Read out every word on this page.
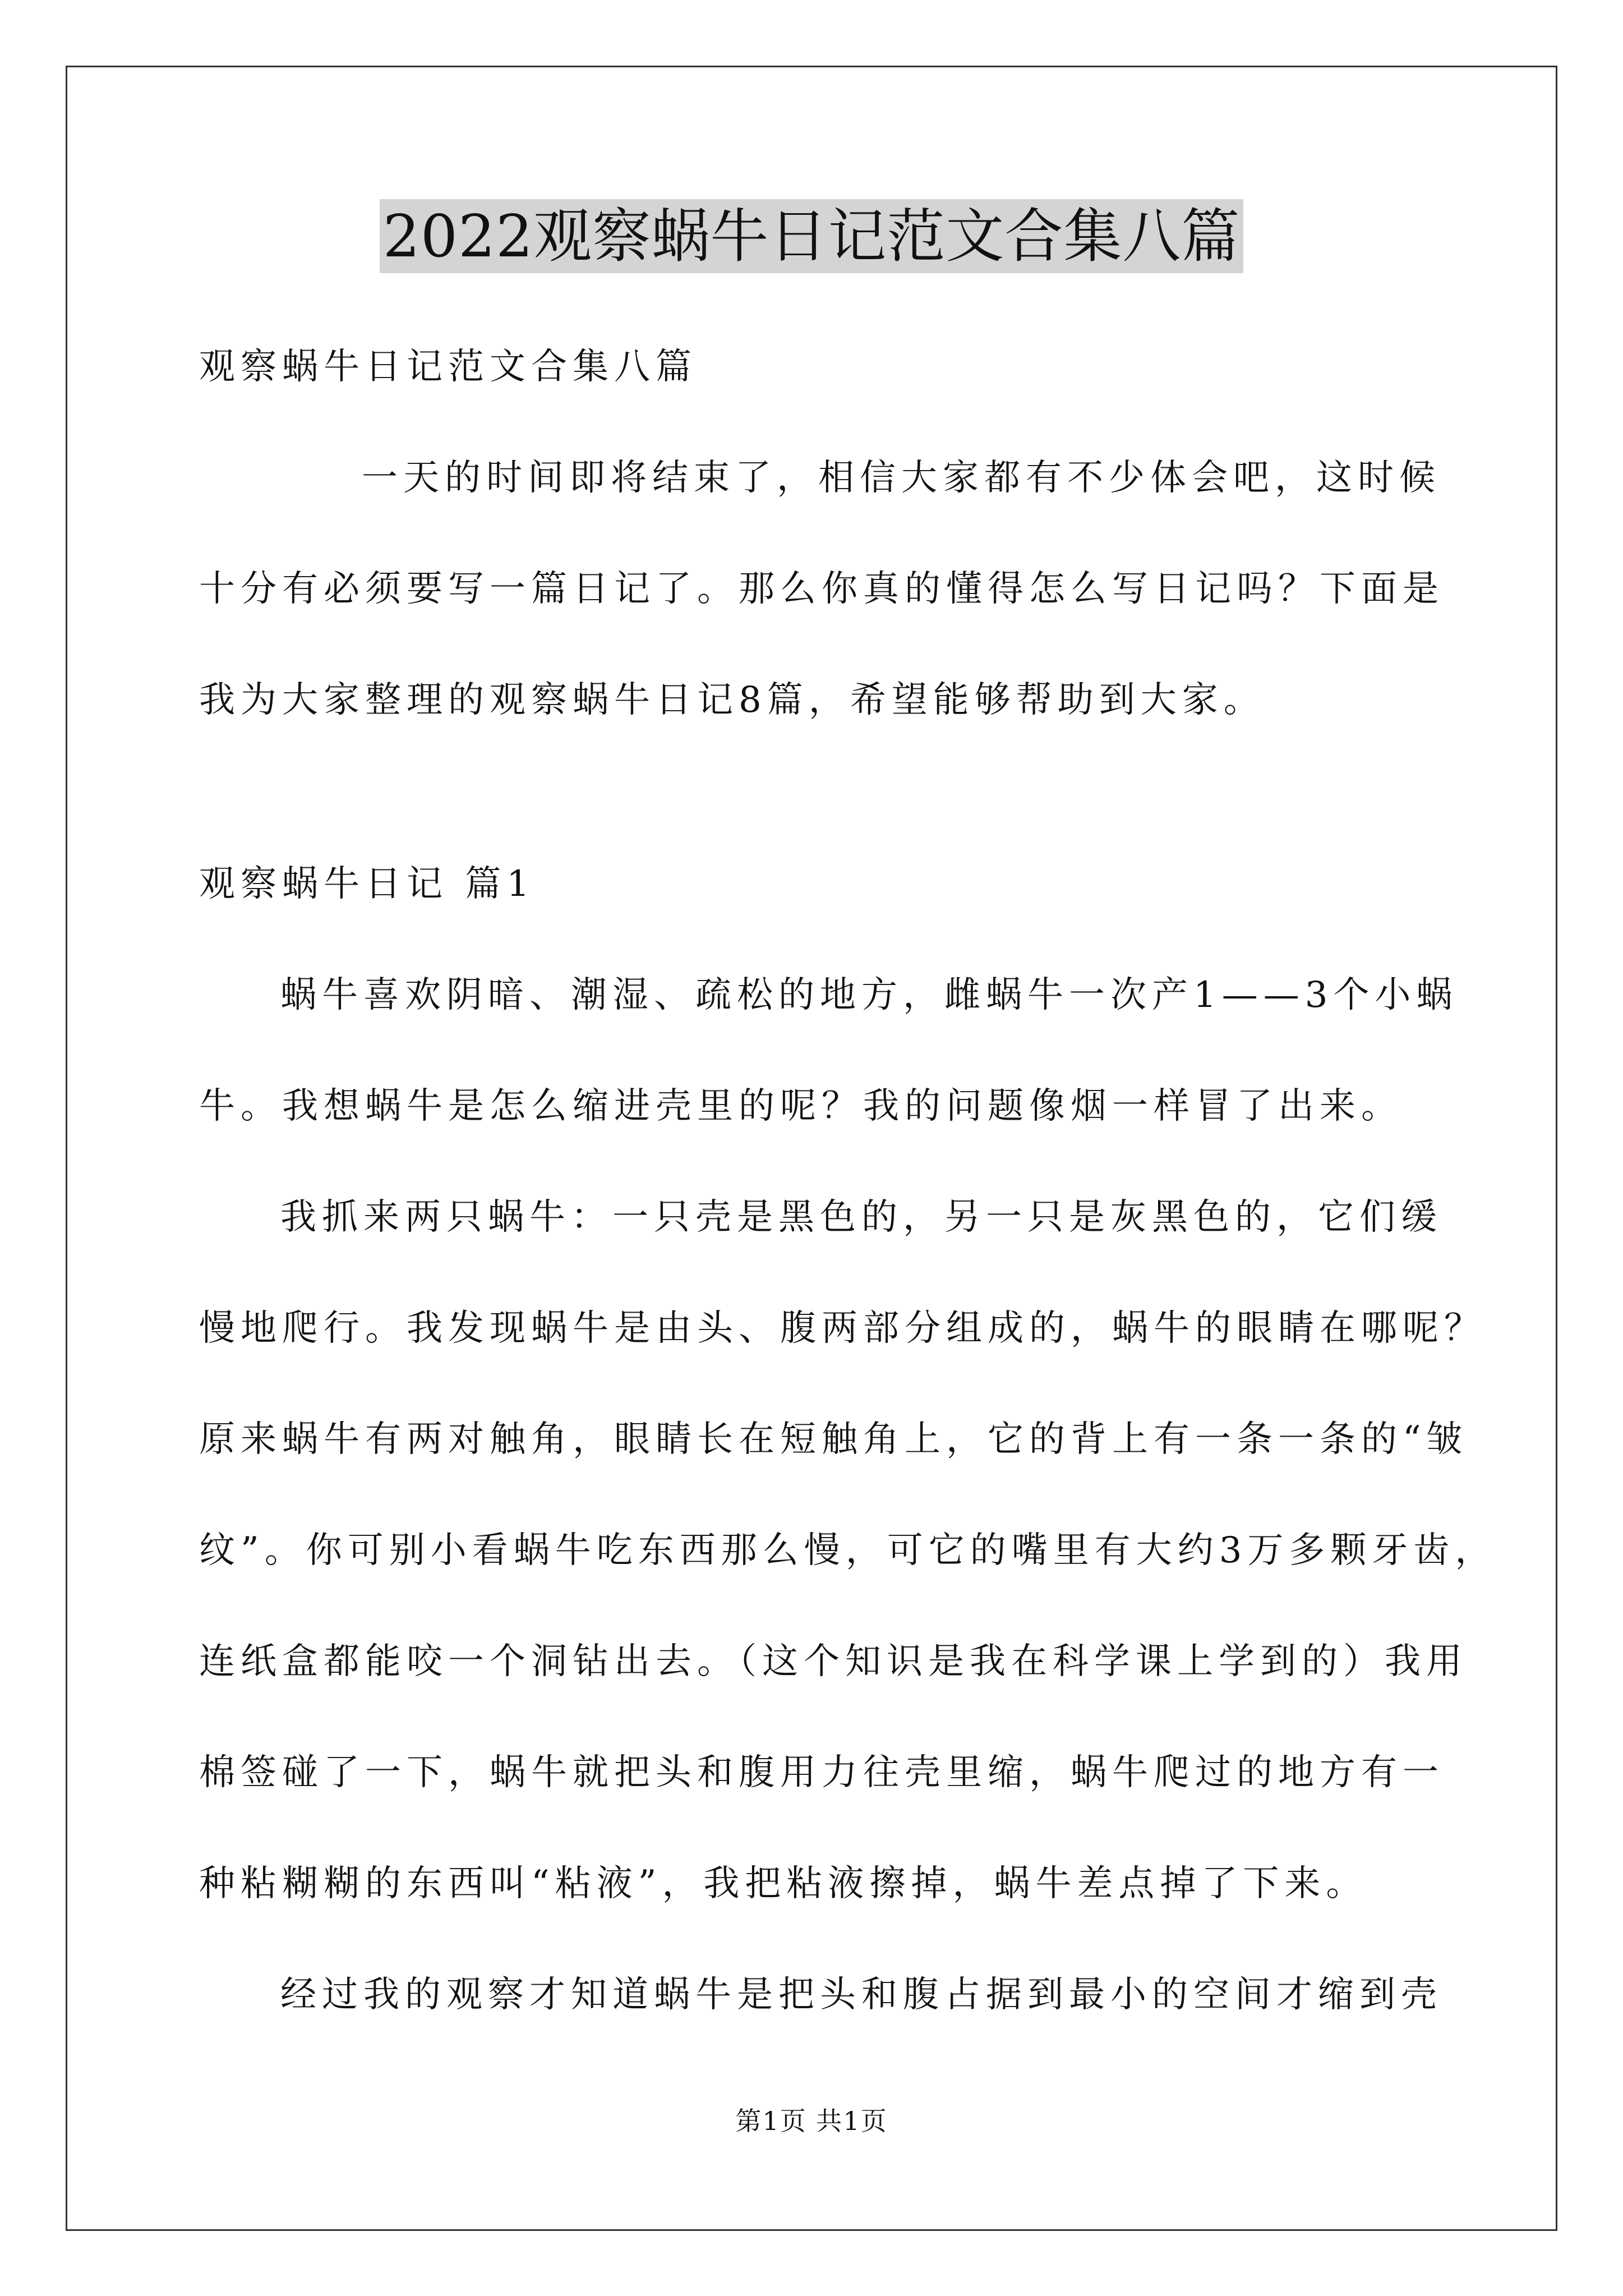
2022观察蜗牛日记范文合集八篇
观察蜗牛日记范文合集八篇
一天的时间即将结束了，相信大家都有不少体会吧，这时候
十分有必须要写一篇日记了。那么你真的懂得怎么写日记吗？下面是
我为大家整理的观察蜗牛日记8篇，希望能够帮助到大家。
观察蜗牛日记 篇1
蜗牛喜欢阴暗、潮湿、疏松的地方，雌蜗牛一次产1——3个小蜗
牛。我想蜗牛是怎么缩进壳里的呢？我的问题像烟一样冒了出来。
我抓来两只蜗牛：一只壳是黑色的，另一只是灰黑色的，它们缓
慢地爬行。我发现蜗牛是由头、腹两部分组成的，蜗牛的眼睛在哪呢？
原来蜗牛有两对触角，眼睛长在短触角上，它的背上有一条一条的“皱
纹”。你可别小看蜗牛吃东西那么慢，可它的嘴里有大约3万多颗牙齿，
连纸盒都能咬一个洞钻出去。（这个知识是我在科学课上学到的）我用
棉签碰了一下，蜗牛就把头和腹用力往壳里缩，蜗牛爬过的地方有一
种粘糊糊的东西叫“粘液”，我把粘液擦掉，蜗牛差点掉了下来。
经过我的观察才知道蜗牛是把头和腹占据到最小的空间才缩到壳
第1页 共1页
